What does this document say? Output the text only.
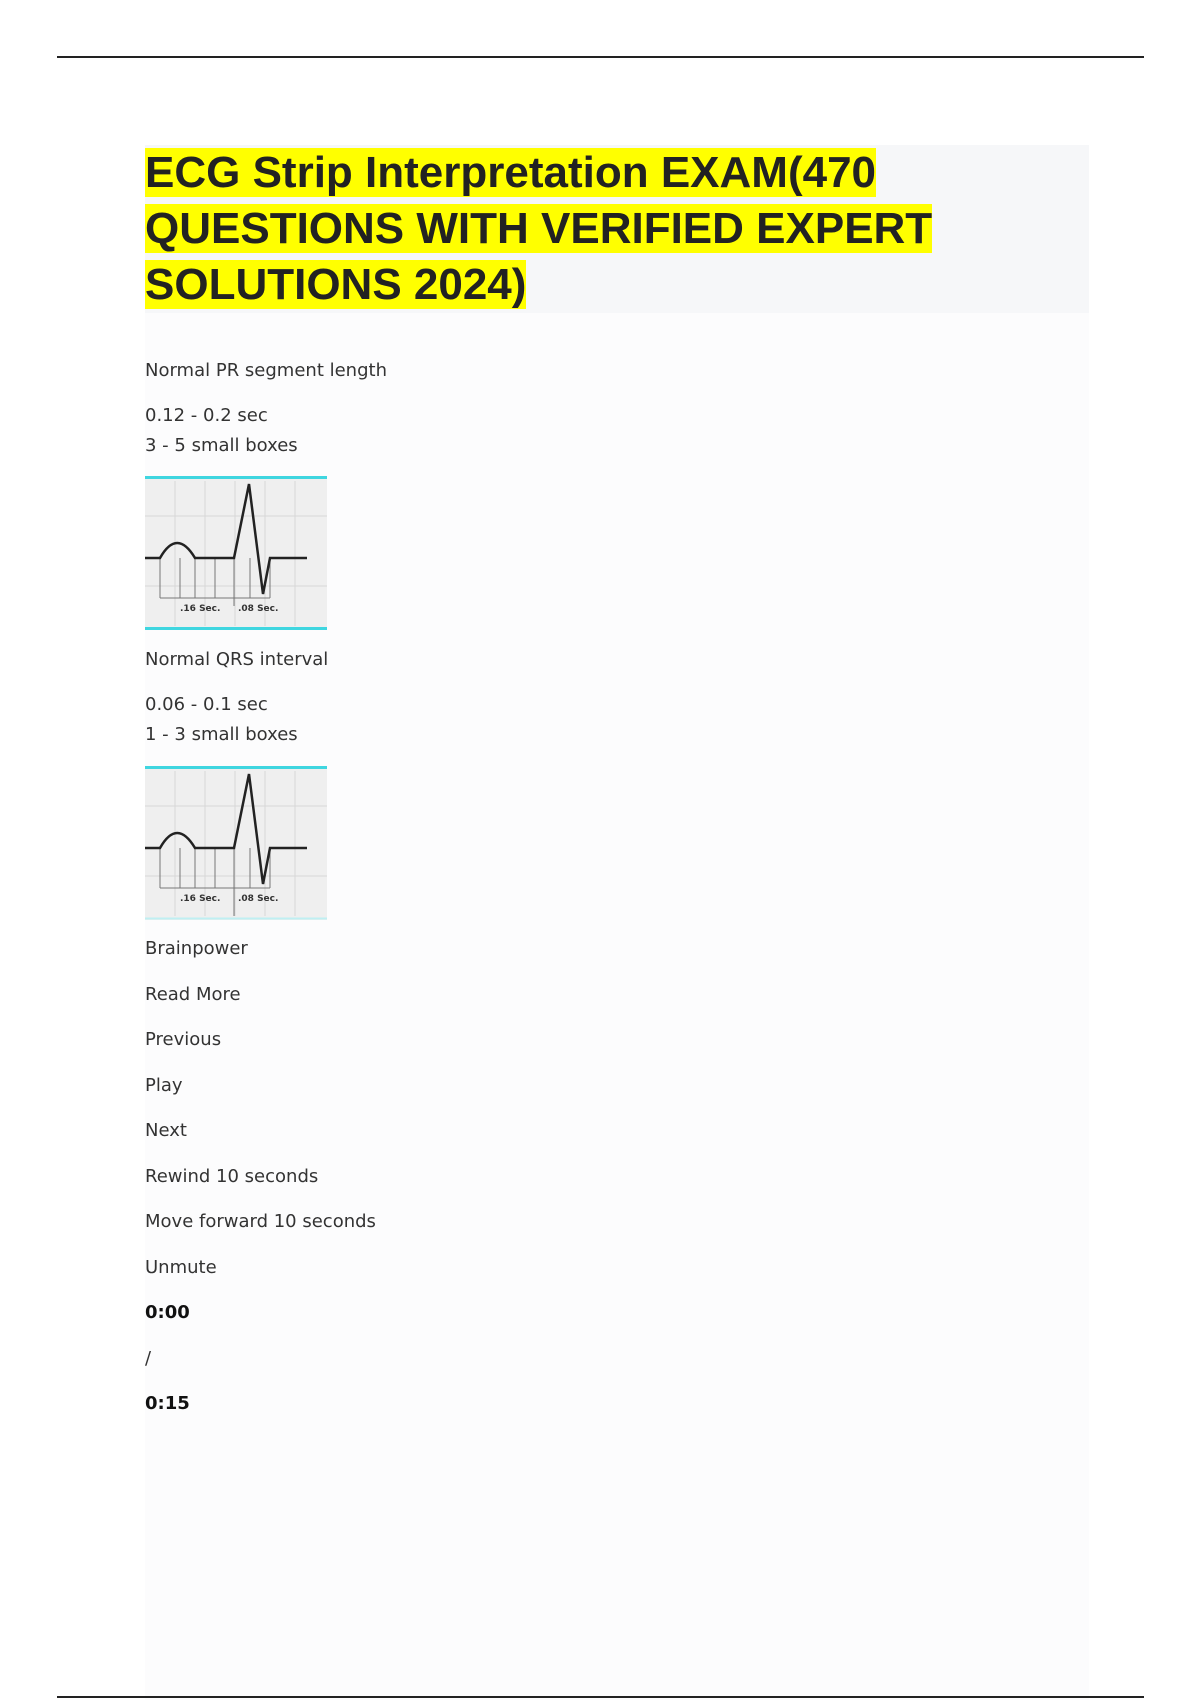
ECG Strip Interpretation EXAM(470 QUESTIONS WITH VERIFIED EXPERT SOLUTIONS 2024)

Normal PR segment length

0.12 - 0.2 sec

3 - 5 small boxes

.16 Sec. .08 Sec.

Normal QRS interval

0.06 - 0.1 sec

1 - 3 small boxes

.16 Sec. .08 Sec.

Brainpower

Read More

Previous

Play

Next

Rewind 10 seconds

Move forward 10 seconds

Unmute

0:00

/

0:15
